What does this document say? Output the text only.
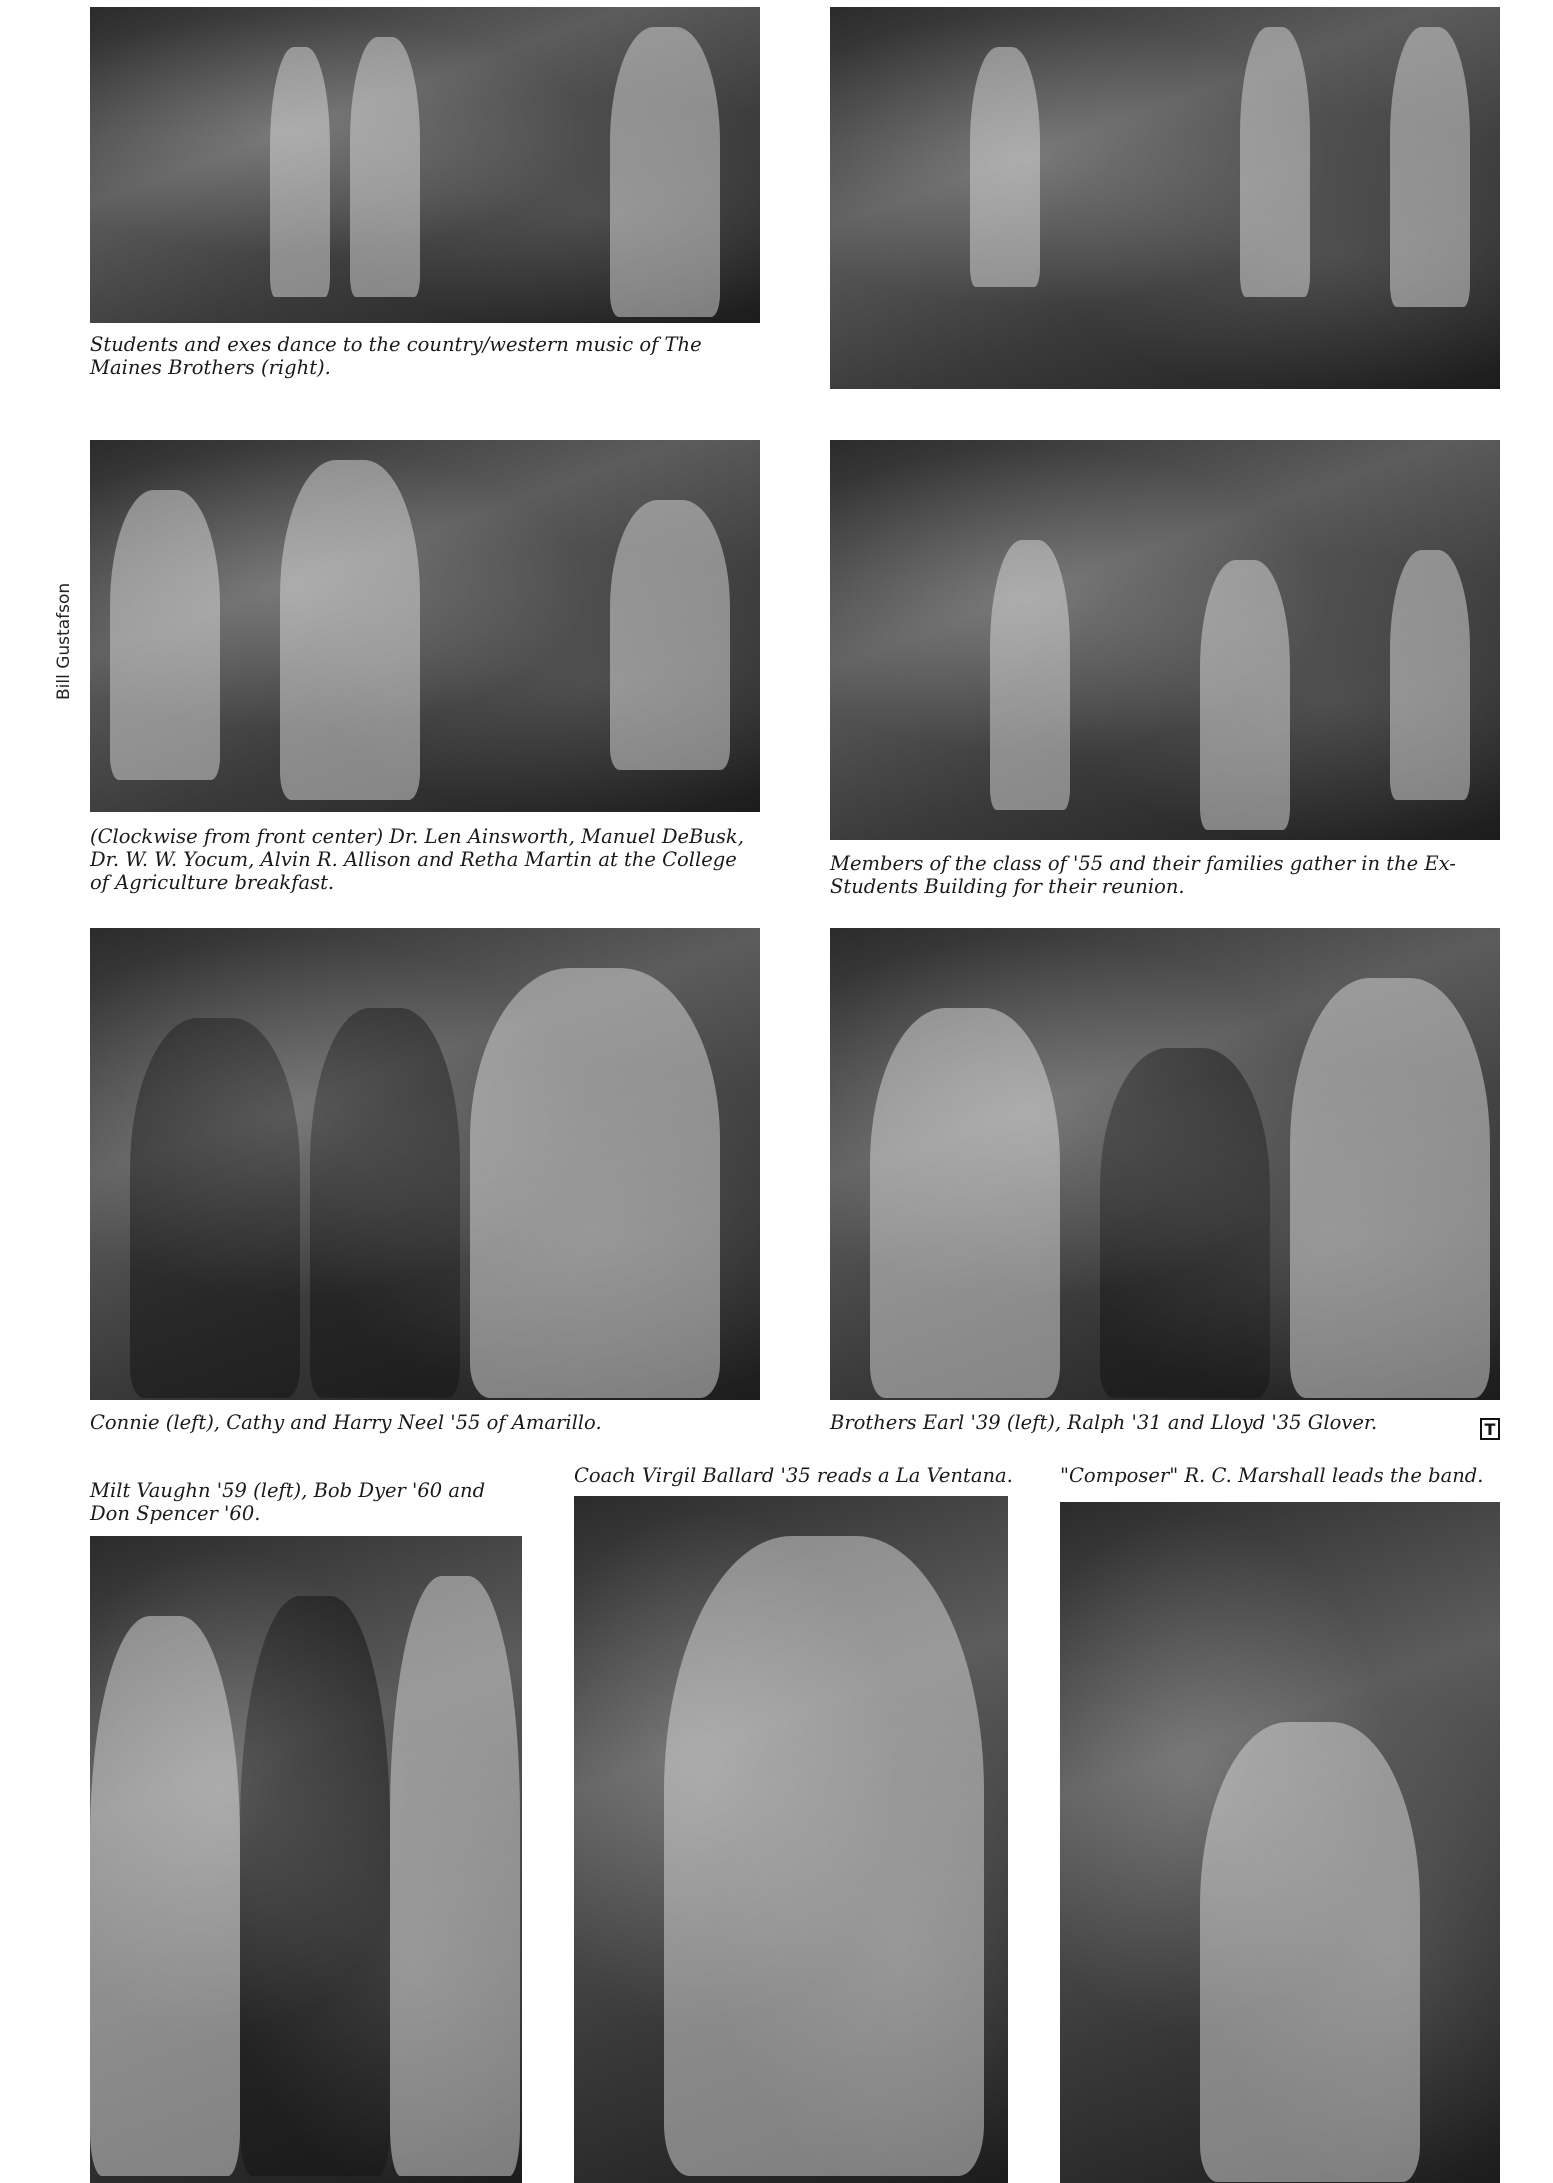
Students and exes dance to the country/western music of The Maines Brothers (right).
(Clockwise from front center) Dr. Len Ainsworth, Manuel DeBusk, Dr. W. W. Yocum, Alvin R. Allison and Retha Martin at the College of Agriculture breakfast.
Members of the class of '55 and their families gather in the Ex-Students Building for their reunion.
Bill Gustafson
Connie (left), Cathy and Harry Neel '55 of Amarillo.	Brothers Earl '39 (left), Ralph '31 and Lloyd '35 Glover.	T
Milt Vaughn '59 (left), Bob Dyer '60 and Don Spencer '60.
Coach Virgil Ballard '35 reads a La Ventana. "Composer" R. C. Marshall leads the band.
